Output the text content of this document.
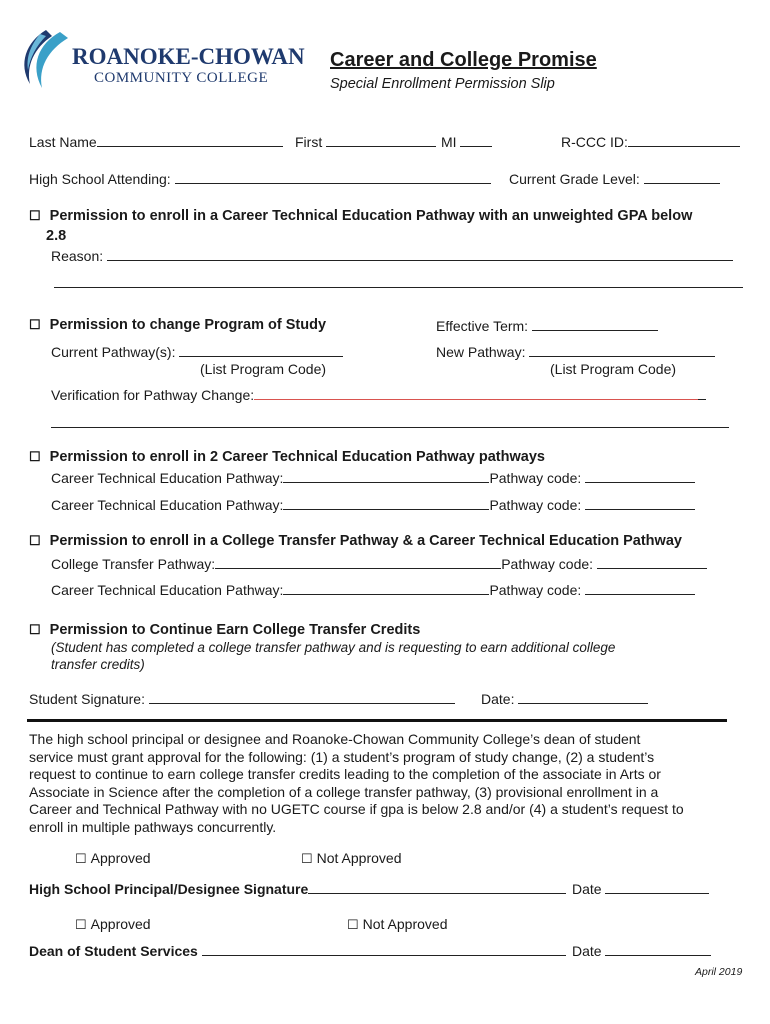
ROANOKE-CHOWAN
COMMUNITY COLLEGE
Career and College Promise
Special Enrollment Permission Slip
Last Name	First	MI	R-CCC ID:
High School Attending:	Current Grade Level:
☐ Permission to enroll in a Career Technical Education Pathway with an unweighted GPA below
2.8
Reason:
☐ Permission to change Program of Study	Effective Term:
Current Pathway(s):	New Pathway:
(List Program Code)	(List Program Code)
Verification for Pathway Change:
☐ Permission to enroll in 2 Career Technical Education Pathway pathways
Career Technical Education Pathway:	Pathway code:
Career Technical Education Pathway:	Pathway code:
☐ Permission to enroll in a College Transfer Pathway & a Career Technical Education Pathway
College Transfer Pathway:	Pathway code:
Career Technical Education Pathway:	Pathway code:
☐ Permission to Continue Earn College Transfer Credits
(Student has completed a college transfer pathway and is requesting to earn additional college
transfer credits)
Student Signature:	Date:
The high school principal or designee and Roanoke-Chowan Community College’s dean of student
service must grant approval for the following: (1) a student’s program of study change, (2) a student’s
request to continue to earn college transfer credits leading to the completion of the associate in Arts or
Associate in Science after the completion of a college transfer pathway, (3) provisional enrollment in a
Career and Technical Pathway with no UGETC course if gpa is below 2.8 and/or (4) a student’s request to
enroll in multiple pathways concurrently.
☐ Approved	☐ Not Approved
High School Principal/Designee Signature	Date
☐ Approved	☐ Not Approved
Dean of Student Services	Date
April 2019
